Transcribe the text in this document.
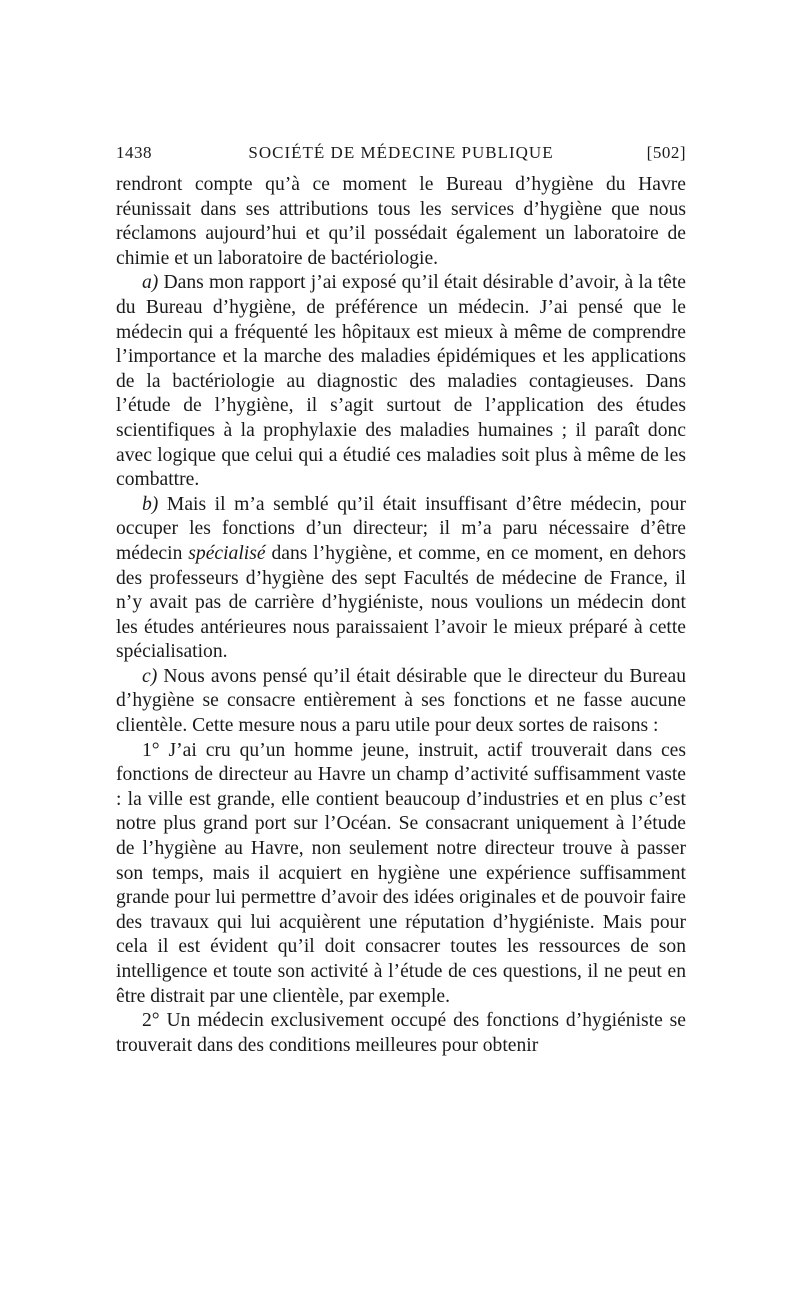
1438	SOCIÉTÉ DE MÉDECINE PUBLIQUE	[502]

rendront compte qu’à ce moment le Bureau d’hygiène du Havre réunissait dans ses attributions tous les services d’hygiène que nous réclamons aujourd’hui et qu’il possédait également un laboratoire de chimie et un laboratoire de bactériologie.

a) Dans mon rapport j’ai exposé qu’il était désirable d’avoir, à la tête du Bureau d’hygiène, de préférence un médecin. J’ai pensé que le médecin qui a fréquenté les hôpitaux est mieux à même de comprendre l’importance et la marche des maladies épidémiques et les applications de la bactériologie au diagnostic des maladies contagieuses. Dans l’étude de l’hygiène, il s’agit surtout de l’application des études scientifiques à la prophylaxie des maladies humaines ; il paraît donc avec logique que celui qui a étudié ces maladies soit plus à même de les combattre.

b) Mais il m’a semblé qu’il était insuffisant d’être médecin, pour occuper les fonctions d’un directeur; il m’a paru nécessaire d’être médecin spécialisé dans l’hygiène, et comme, en ce moment, en dehors des professeurs d’hygiène des sept Facultés de médecine de France, il n’y avait pas de carrière d’hygiéniste, nous voulions un médecin dont les études antérieures nous paraissaient l’avoir le mieux préparé à cette spécialisation.

c) Nous avons pensé qu’il était désirable que le directeur du Bureau d’hygiène se consacre entièrement à ses fonctions et ne fasse aucune clientèle. Cette mesure nous a paru utile pour deux sortes de raisons :

1° J’ai cru qu’un homme jeune, instruit, actif trouverait dans ces fonctions de directeur au Havre un champ d’activité suffisamment vaste : la ville est grande, elle contient beaucoup d’industries et en plus c’est notre plus grand port sur l’Océan. Se consacrant uniquement à l’étude de l’hygiène au Havre, non seulement notre directeur trouve à passer son temps, mais il acquiert en hygiène une expérience suffisamment grande pour lui permettre d’avoir des idées originales et de pouvoir faire des travaux qui lui acquièrent une réputation d’hygiéniste. Mais pour cela il est évident qu’il doit consacrer toutes les ressources de son intelligence et toute son activité à l’étude de ces questions, il ne peut en être distrait par une clientèle, par exemple.

2° Un médecin exclusivement occupé des fonctions d’hygiéniste se trouverait dans des conditions meilleures pour obtenir
